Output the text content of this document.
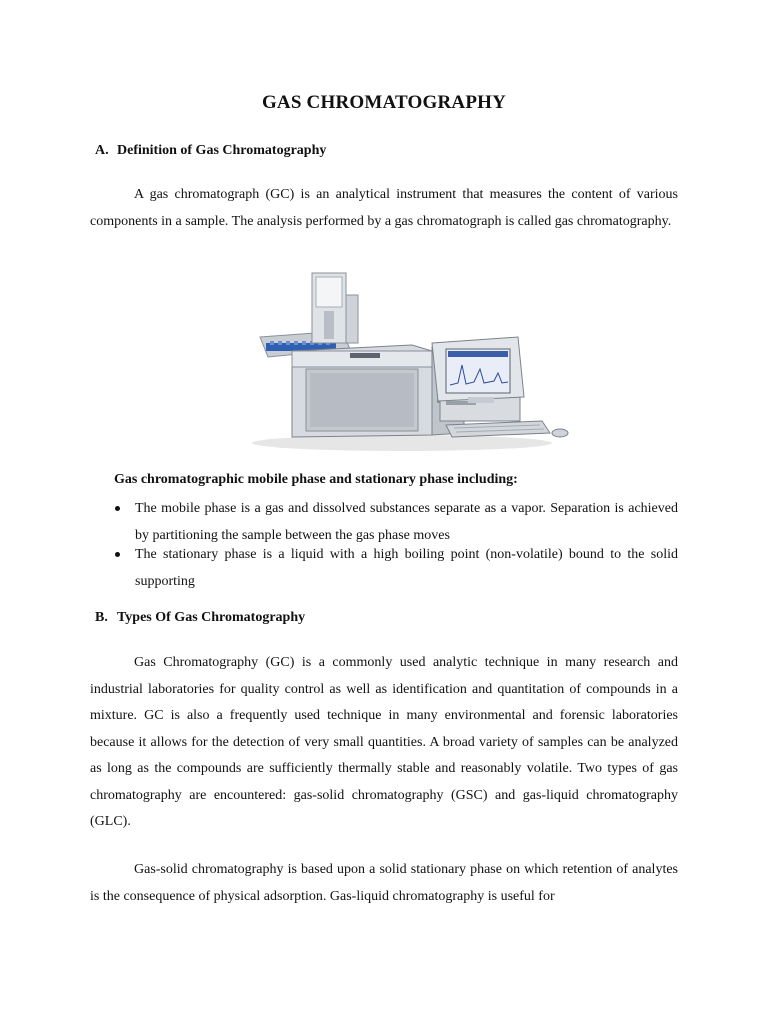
GAS CHROMATOGRAPHY
A. Definition of Gas Chromatography

A gas chromatograph (GC) is an analytical instrument that measures the content of various components in a sample. The analysis performed by a gas chromatograph is called gas chromatography.

Gas chromatographic mobile phase and stationary phase including:
The mobile phase is a gas and dissolved substances separate as a vapor. Separation is achieved by partitioning the sample between the gas phase moves
The stationary phase is a liquid with a high boiling point (non-volatile) bound to the solid supporting
B. Types Of Gas Chromatography

Gas Chromatography (GC) is a commonly used analytic technique in many research and industrial laboratories for quality control as well as identification and quantitation of compounds in a mixture. GC is also a frequently used technique in many environmental and forensic laboratories because it allows for the detection of very small quantities. A broad variety of samples can be analyzed as long as the compounds are sufficiently thermally stable and reasonably volatile. Two types of gas chromatography are encountered: gas-solid chromatography (GSC) and gas-liquid chromatography (GLC).

Gas-solid chromatography is based upon a solid stationary phase on which retention of analytes is the consequence of physical adsorption. Gas-liquid chromatography is useful for
